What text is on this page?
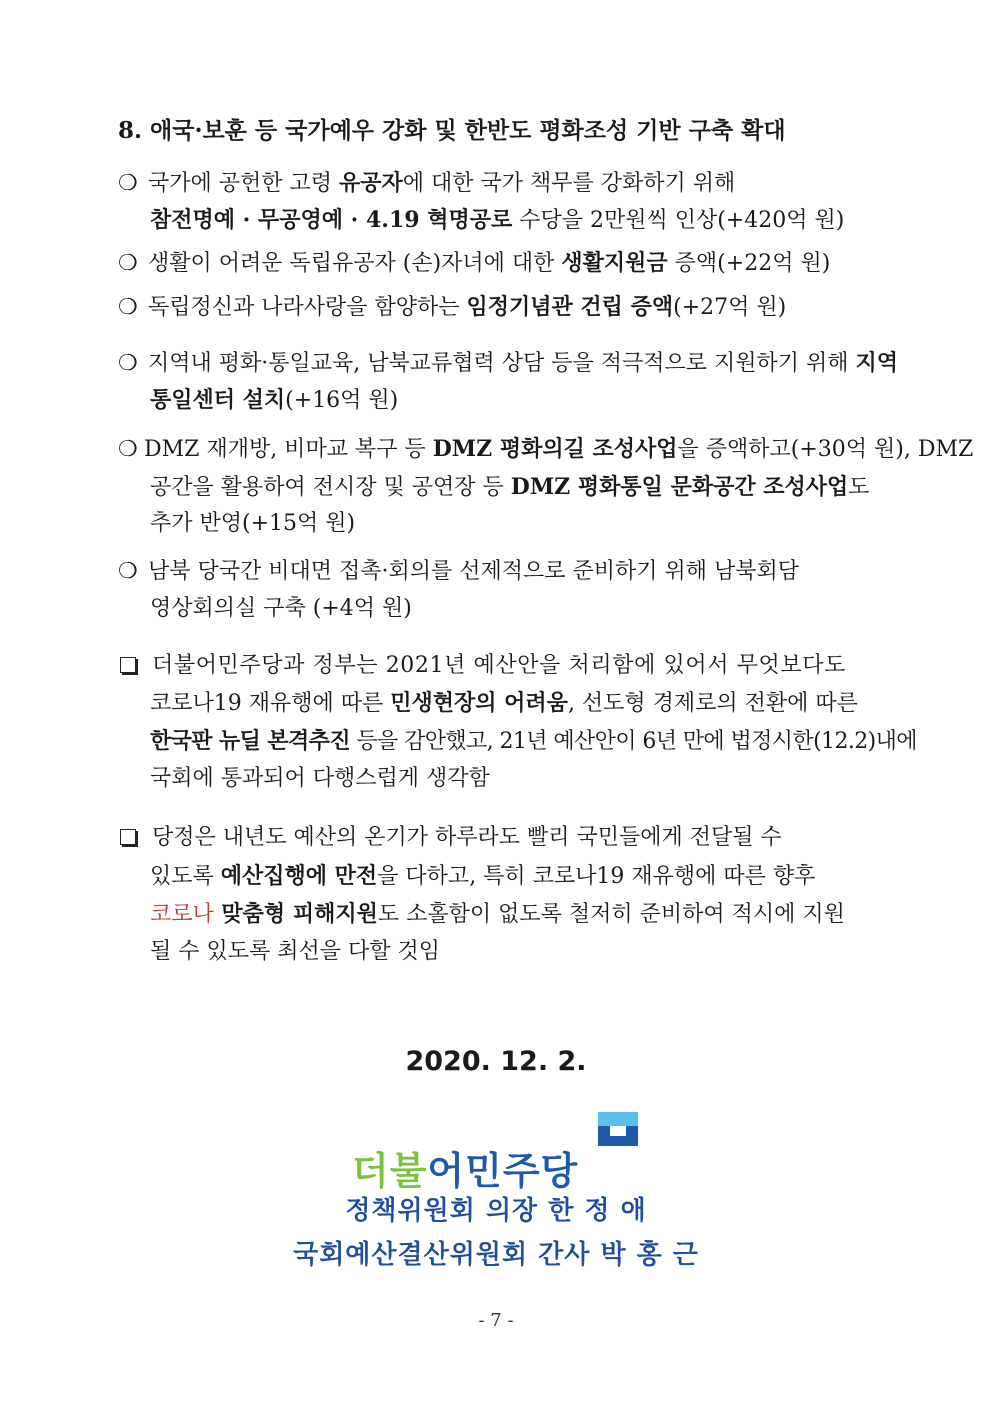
8. 애국·보훈 등 국가예우 강화 및 한반도 평화조성 기반 구축 확대
❍ 국가에 공헌한 고령 유공자에 대한 국가 책무를 강화하기 위해
참전명예 · 무공영예 · 4.19 혁명공로 수당을 2만원씩 인상(+420억 원)
❍ 생활이 어려운 독립유공자 (손)자녀에 대한 생활지원금 증액(+22억 원)
❍ 독립정신과 나라사랑을 함양하는 임정기념관 건립 증액(+27억 원)
❍ 지역내 평화·통일교육, 남북교류협력 상담 등을 적극적으로 지원하기 위해 지역
통일센터 설치(+16억 원)
❍ DMZ 재개방, 비마교 복구 등 DMZ 평화의길 조성사업을 증액하고(+30억 원), DMZ
공간을 활용하여 전시장 및 공연장 등 DMZ 평화통일 문화공간 조성사업도
추가 반영(+15억 원)
❍ 남북 당국간 비대면 접촉·회의를 선제적으로 준비하기 위해 남북회담
영상회의실 구축 (+4억 원)
더불어민주당과 정부는 2021년 예산안을 처리함에 있어서 무엇보다도
코로나19 재유행에 따른 민생현장의 어려움, 선도형 경제로의 전환에 따른
한국판 뉴딜 본격추진 등을 감안했고, 21년 예산안이 6년 만에 법정시한(12.2)내에
국회에 통과되어 다행스럽게 생각함
당정은 내년도 예산의 온기가 하루라도 빨리 국민들에게 전달될 수
있도록 예산집행에 만전을 다하고, 특히 코로나19 재유행에 따른 향후
코로나 맞춤형 피해지원도 소홀함이 없도록 철저히 준비하여 적시에 지원
될 수 있도록 최선을 다할 것임
2020. 12. 2.
더불어민주당
정책위원회 의장 한 정 애
국회예산결산위원회 간사 박 홍 근
- 7 -
